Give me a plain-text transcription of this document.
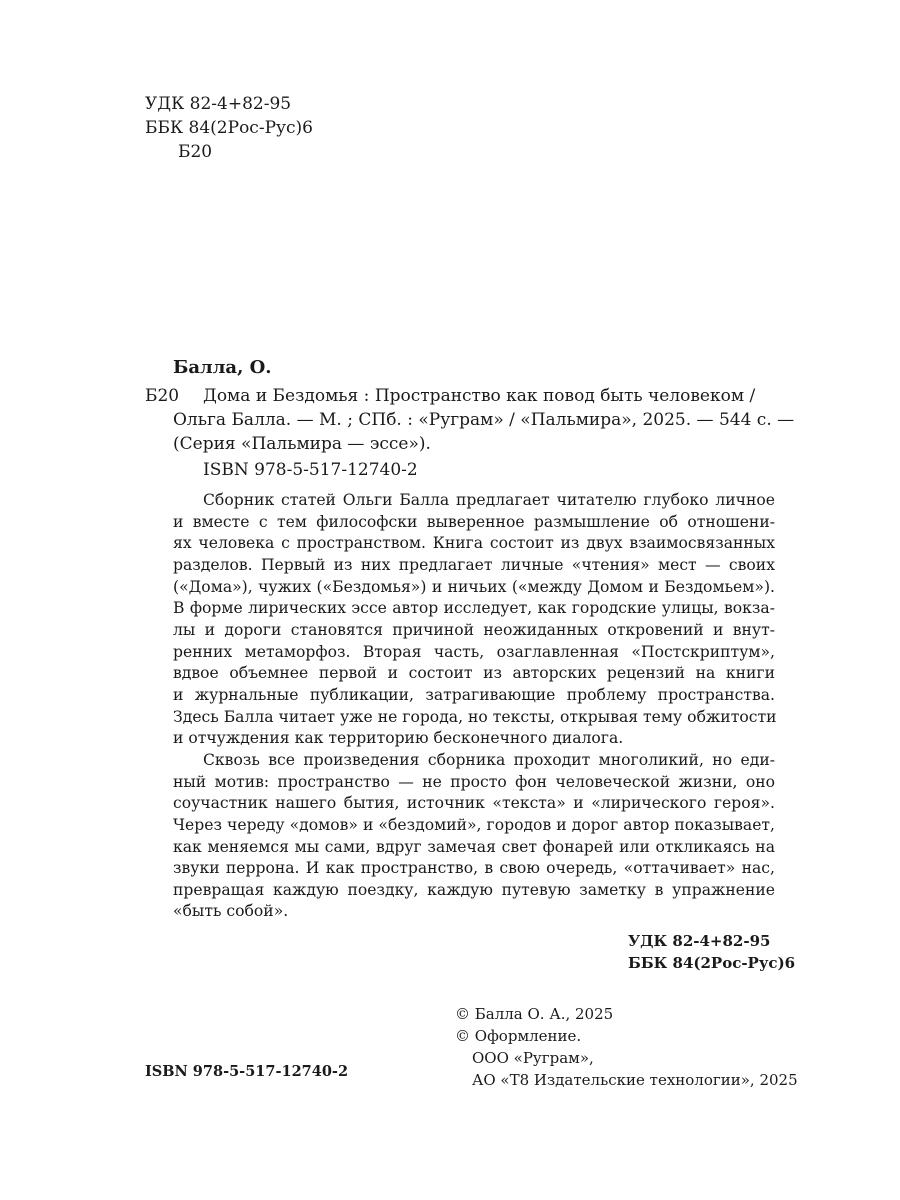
УДК 82-4+82-95
ББК 84(2Рос-Рус)6
Б20
Балла, О.
Б20	Дома и Бездомья : Пространство как повод быть человеком /
Ольга Балла. — М. ; СПб. : «Руграм» / «Пальмира», 2025. — 544 с. —
(Серия «Пальмира — эссе»).
ISBN 978-5-517-12740-2
Сборник статей Ольги Балла предлагает читателю глубоко личное
и вместе с тем философски выверенное размышление об отношени-
ях человека с пространством. Книга состоит из двух взаимосвязанных
разделов. Первый из них предлагает личные «чтения» мест — своих
(«Дома»), чужих («Бездомья») и ничьих («между Домом и Бездомьем»).
В форме лирических эссе автор исследует, как городские улицы, вокза-
лы и дороги становятся причиной неожиданных откровений и внут-
ренних метаморфоз. Вторая часть, озаглавленная «Постскриптум»,
вдвое объемнее первой и состоит из авторских рецензий на книги
и журнальные публикации, затрагивающие проблему пространства.
Здесь Балла читает уже не города, но тексты, открывая тему обжитости
и отчуждения как территорию бесконечного диалога.
Сквозь все произведения сборника проходит многоликий, но еди-
ный мотив: пространство — не просто фон человеческой жизни, оно
соучастник нашего бытия, источник «текста» и «лирического героя».
Через череду «домов» и «бездомий», городов и дорог автор показывает,
как меняемся мы сами, вдруг замечая свет фонарей или откликаясь на
звуки перрона. И как пространство, в свою очередь, «оттачивает» нас,
превращая каждую поездку, каждую путевую заметку в упражнение
«быть собой».
УДК 82-4+82-95
ББК 84(2Рос-Рус)6
© Балла О. А., 2025
© Оформление.
ООО «Руграм»,
АО «Т8 Издательские технологии», 2025
ISBN 978-5-517-12740-2
